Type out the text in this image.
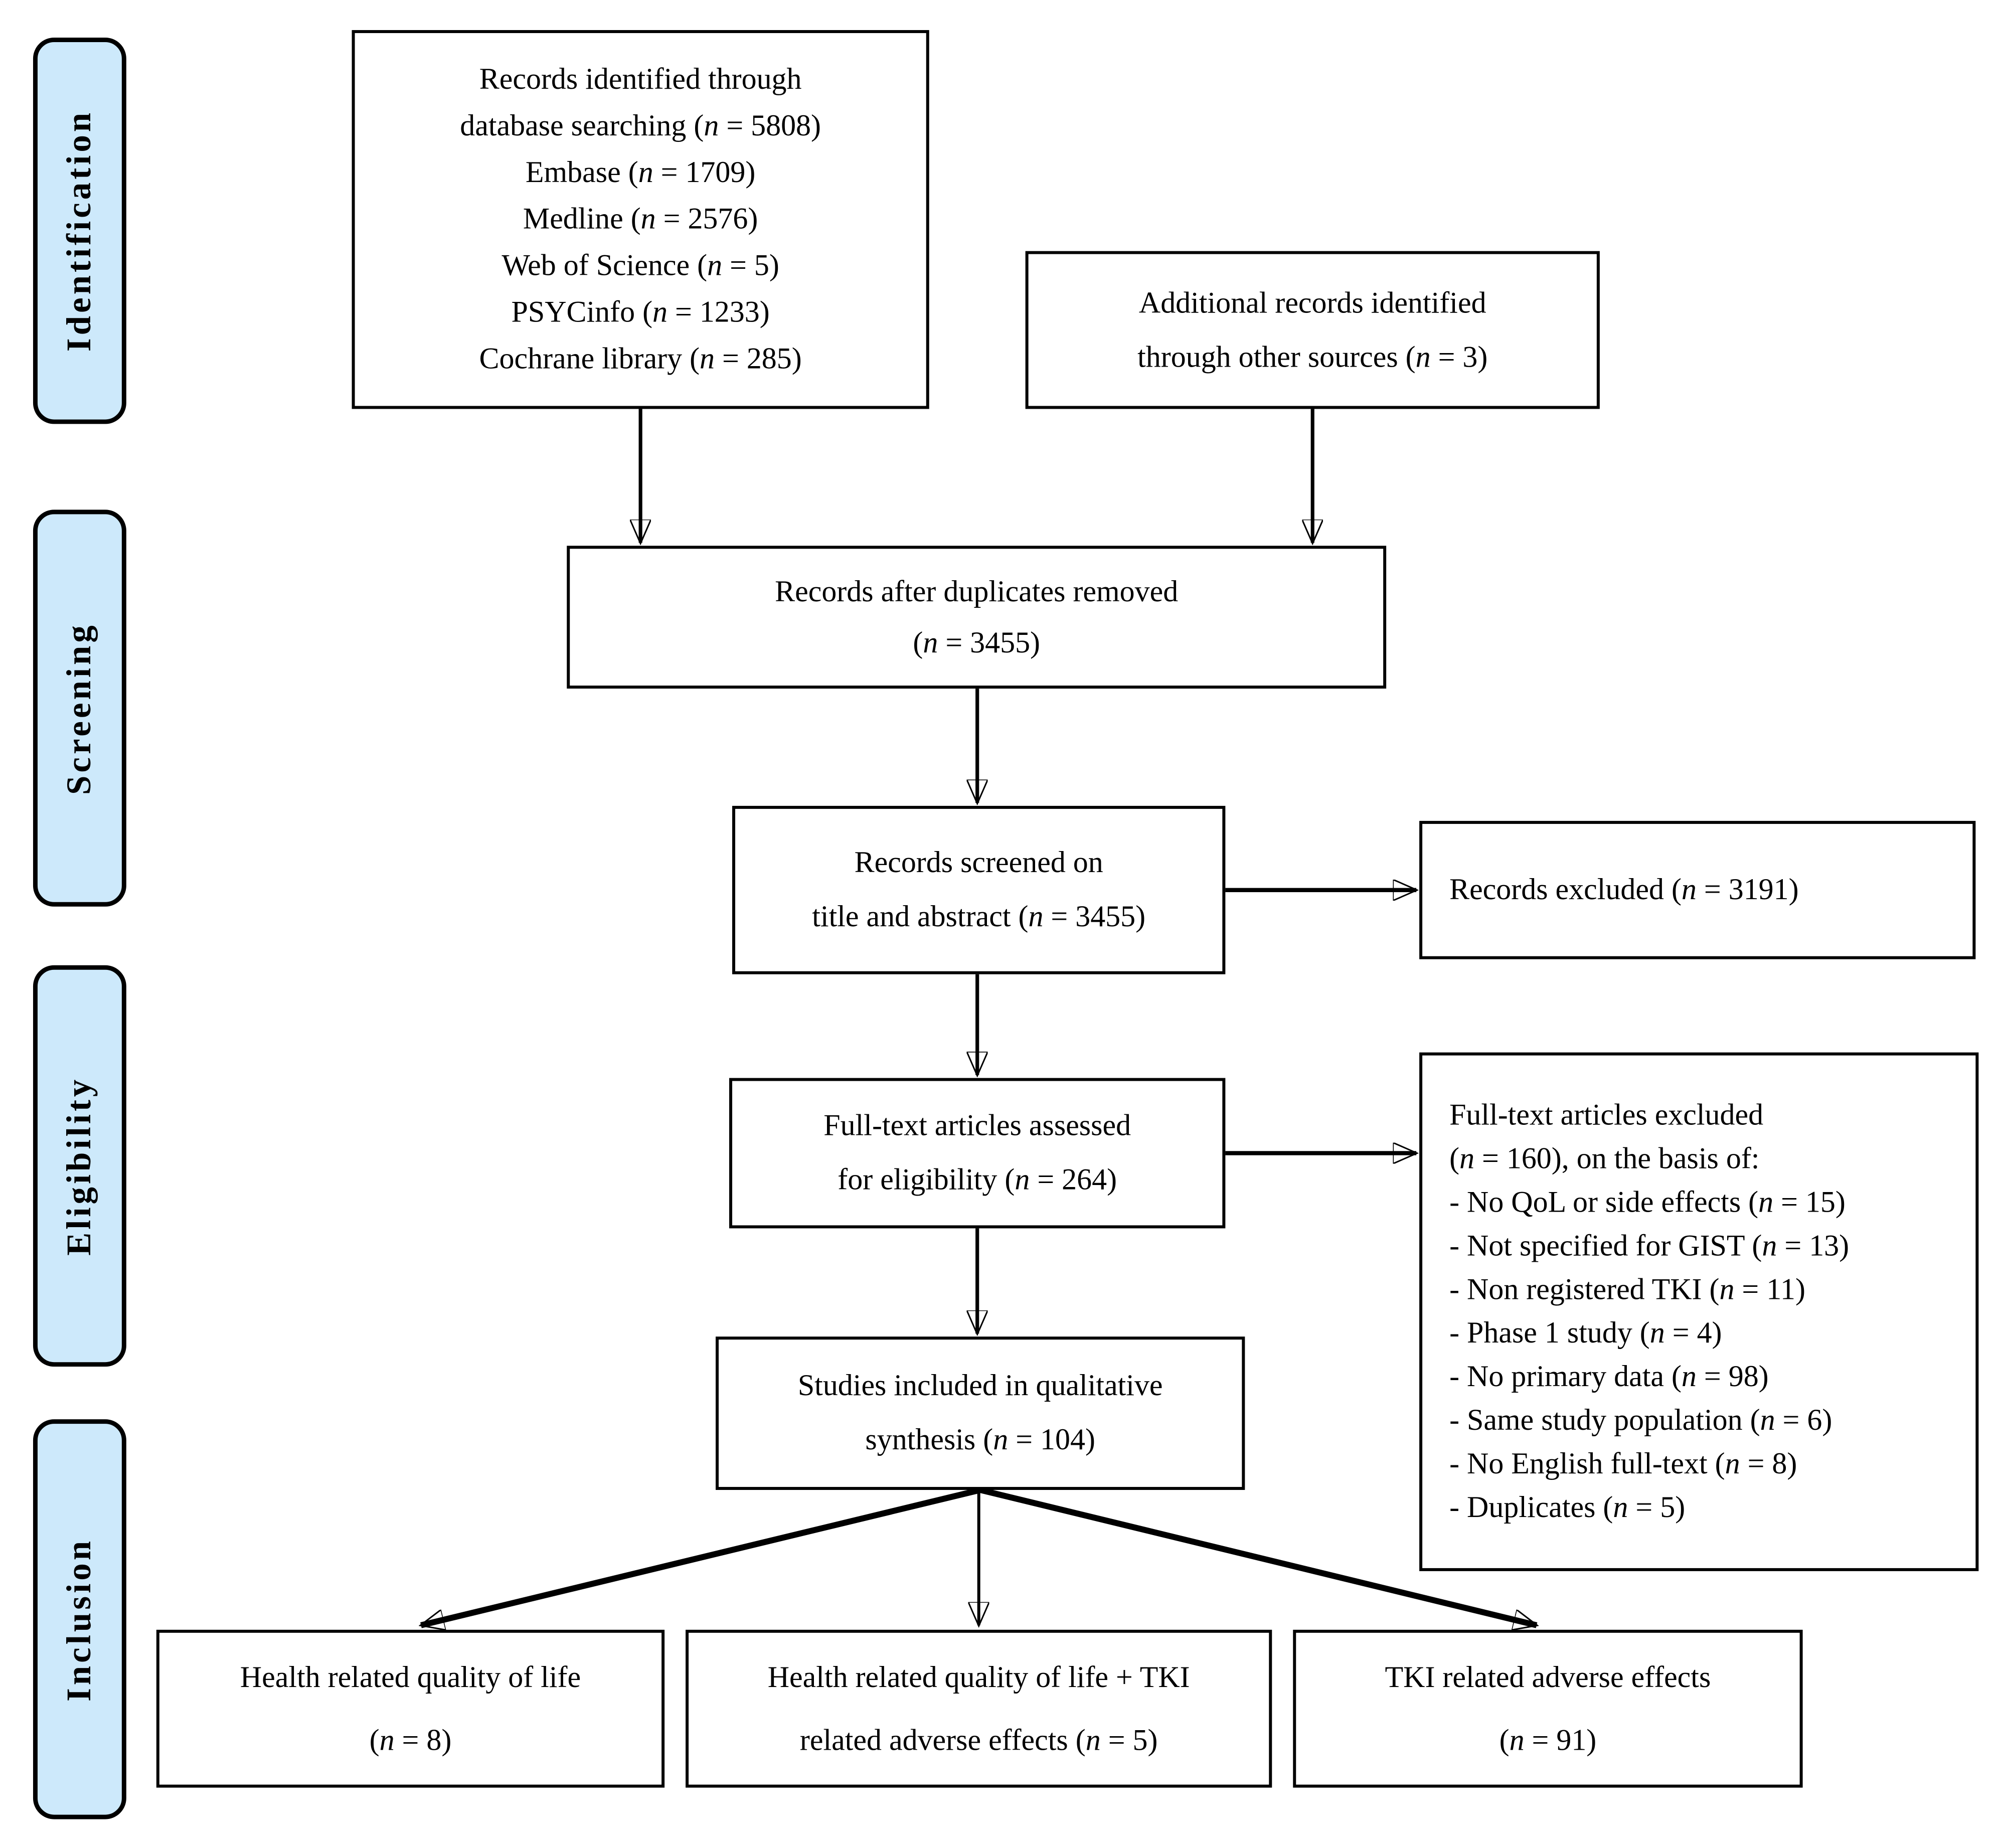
Identification
Screening
Eligibility
Inclusion
Records identified through
database searching (n = 5808)
Embase (n = 1709)
Medline (n = 2576)
Web of Science (n = 5)
PSYCinfo (n = 1233)
Cochrane library (n = 285)
Additional records identified
through other sources (n = 3)
Records after duplicates removed
(n = 3455)
Records screened on
title and abstract (n = 3455)
Records excluded (n = 3191)
Full-text articles assessed
for eligibility (n = 264)
Full-text articles excluded
(n = 160), on the basis of:
- No QoL or side effects (n = 15)
- Not specified for GIST (n = 13)
- Non registered TKI (n = 11)
- Phase 1 study (n = 4)
- No primary data (n = 98)
- Same study population (n = 6)
- No English full-text (n = 8)
- Duplicates (n = 5)
Studies included in qualitative
synthesis (n = 104)
Health related quality of life
(n = 8)
Health related quality of life + TKI
related adverse effects (n = 5)
TKI related adverse effects
(n = 91)
